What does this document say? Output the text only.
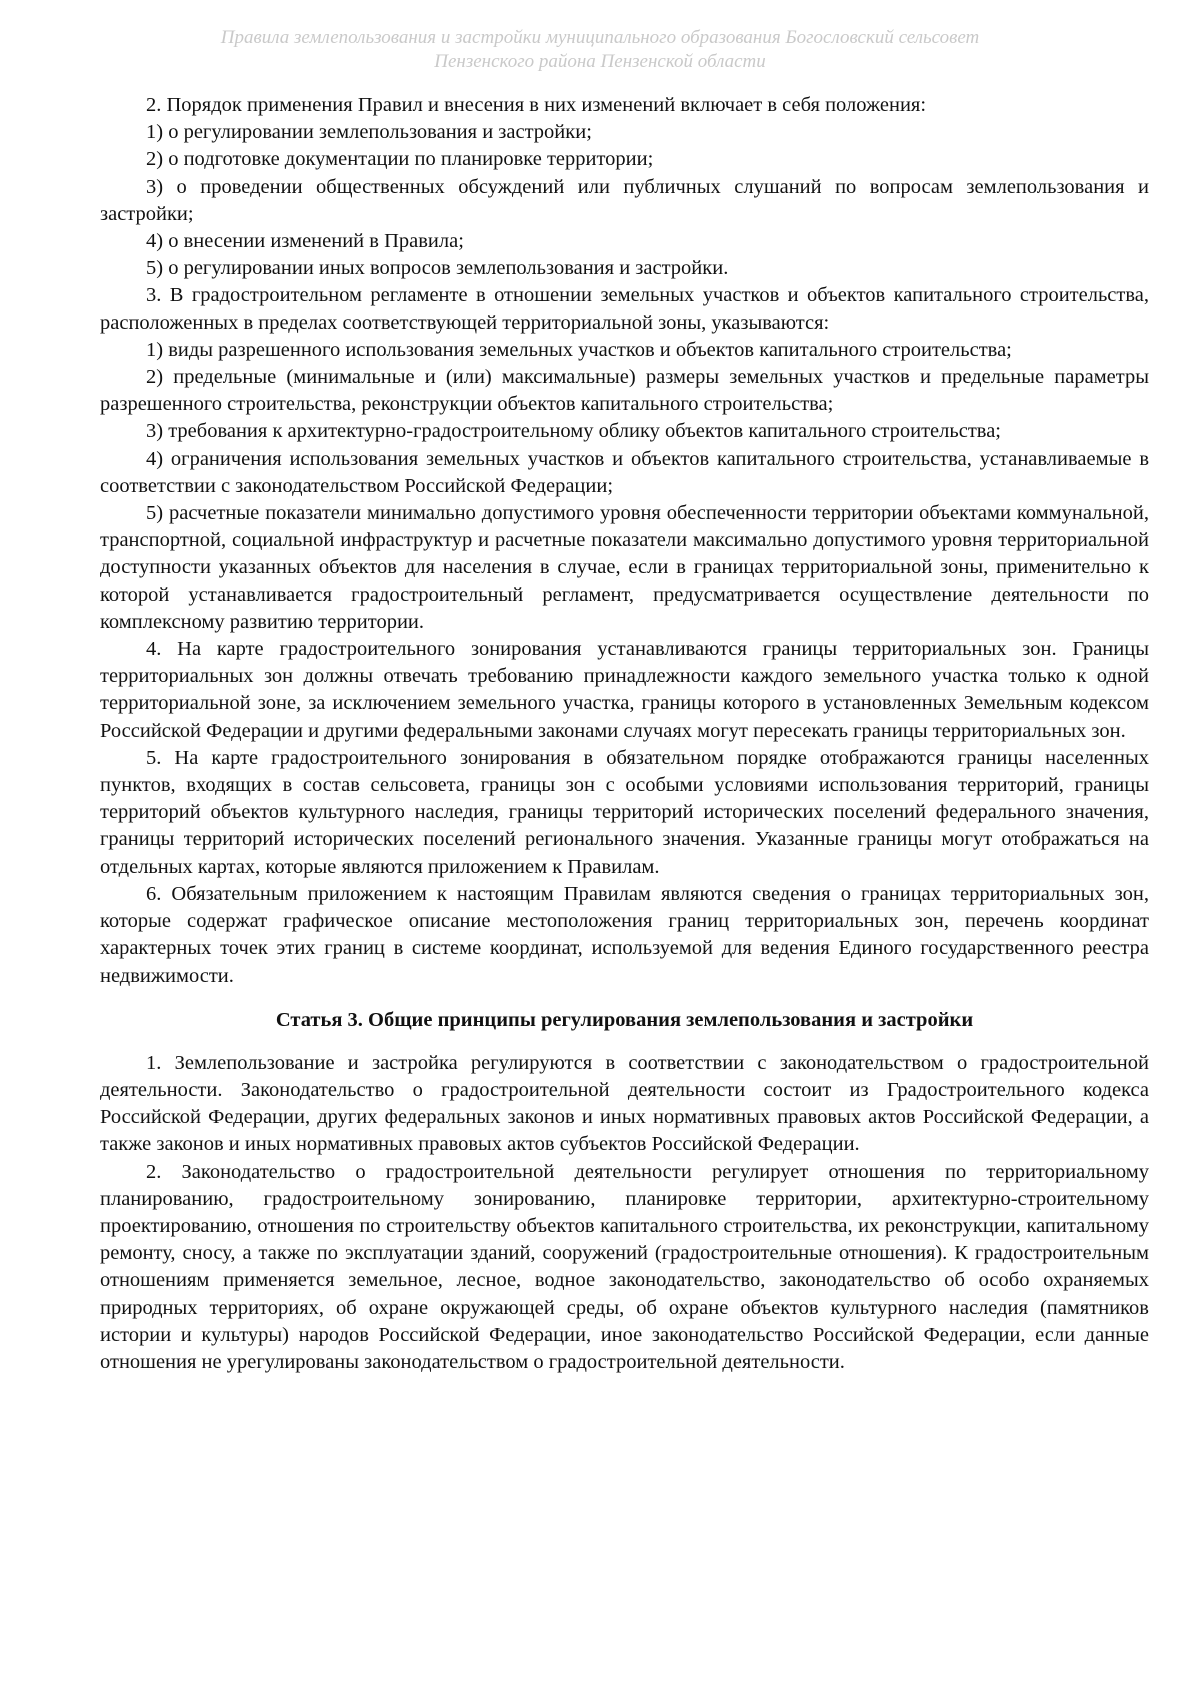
Правила землепользования и застройки муниципального образования Богословский сельсовет
Пензенского района Пензенской области

2. Порядок применения Правил и внесения в них изменений включает в себя положения:

1) о регулировании землепользования и застройки;

2) о подготовке документации по планировке территории;

3) о проведении общественных обсуждений или публичных слушаний по вопросам землепользования и застройки;

4) о внесении изменений в Правила;

5) о регулировании иных вопросов землепользования и застройки.

3. В градостроительном регламенте в отношении земельных участков и объектов капитального строительства, расположенных в пределах соответствующей территориальной зоны, указываются:

1) виды разрешенного использования земельных участков и объектов капитального строительства;

2) предельные (минимальные и (или) максимальные) размеры земельных участков и предельные параметры разрешенного строительства, реконструкции объектов капитального строительства;

3) требования к архитектурно-градостроительному облику объектов капитального строительства;

4) ограничения использования земельных участков и объектов капитального строительства, устанавливаемые в соответствии с законодательством Российской Федерации;

5) расчетные показатели минимально допустимого уровня обеспеченности территории объектами коммунальной, транспортной, социальной инфраструктур и расчетные показатели максимально допустимого уровня территориальной доступности указанных объектов для населения в случае, если в границах территориальной зоны, применительно к которой устанавливается градостроительный регламент, предусматривается осуществление деятельности по комплексному развитию территории.

4. На карте градостроительного зонирования устанавливаются границы территориальных зон. Границы территориальных зон должны отвечать требованию принадлежности каждого земельного участка только к одной территориальной зоне, за исключением земельного участка, границы которого в установленных Земельным кодексом Российской Федерации и другими федеральными законами случаях могут пересекать границы территориальных зон.

5. На карте градостроительного зонирования в обязательном порядке отображаются границы населенных пунктов, входящих в состав сельсовета, границы зон с особыми условиями использования территорий, границы территорий объектов культурного наследия, границы территорий исторических поселений федерального значения, границы территорий исторических поселений регионального значения. Указанные границы могут отображаться на отдельных картах, которые являются приложением к Правилам.

6. Обязательным приложением к настоящим Правилам являются сведения о границах территориальных зон, которые содержат графическое описание местоположения границ территориальных зон, перечень координат характерных точек этих границ в системе координат, используемой для ведения Единого государственного реестра недвижимости.

Статья 3. Общие принципы регулирования землепользования и застройки

1. Землепользование и застройка регулируются в соответствии с законодательством о градостроительной деятельности. Законодательство о градостроительной деятельности состоит из Градостроительного кодекса Российской Федерации, других федеральных законов и иных нормативных правовых актов Российской Федерации, а также законов и иных нормативных правовых актов субъектов Российской Федерации.

2. Законодательство о градостроительной деятельности регулирует отношения по территориальному планированию, градостроительному зонированию, планировке территории, архитектурно-строительному проектированию, отношения по строительству объектов капитального строительства, их реконструкции, капитальному ремонту, сносу, а также по эксплуатации зданий, сооружений (градостроительные отношения). К градостроительным отношениям применяется земельное, лесное, водное законодательство, законодательство об особо охраняемых природных территориях, об охране окружающей среды, об охране объектов культурного наследия (памятников истории и культуры) народов Российской Федерации, иное законодательство Российской Федерации, если данные отношения не урегулированы законодательством о градостроительной деятельности.
